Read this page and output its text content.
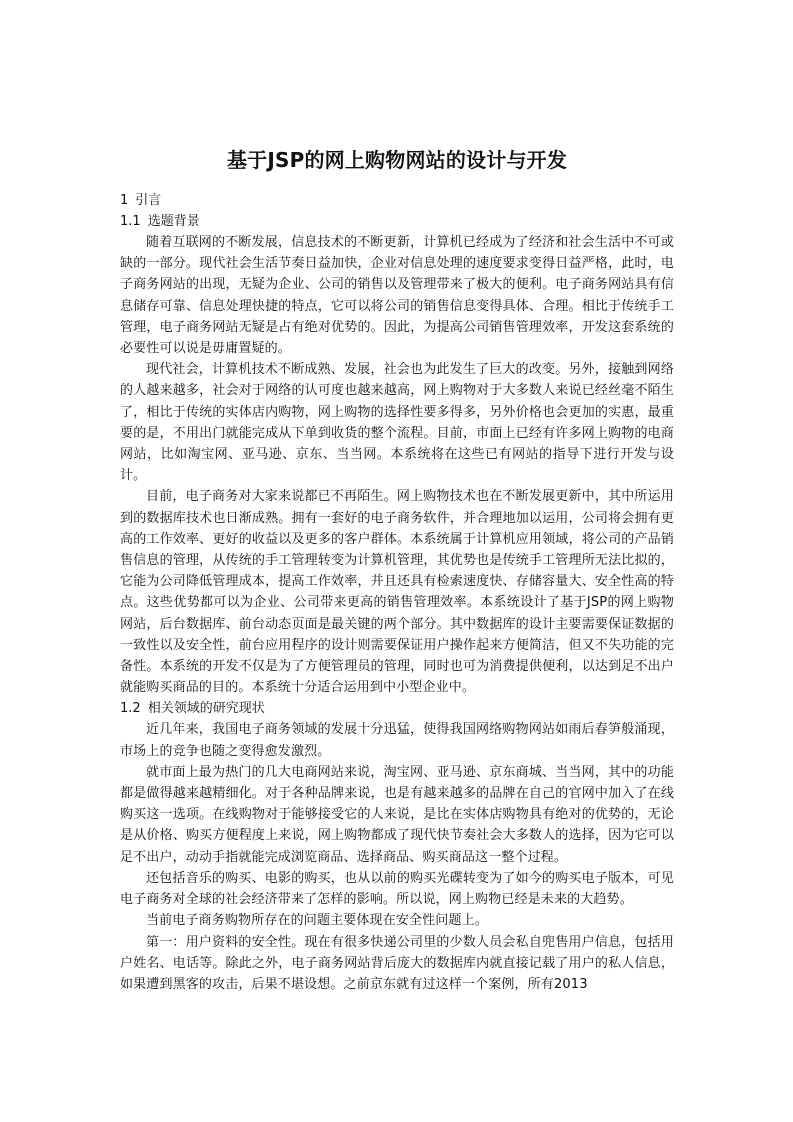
基于JSP的网上购物网站的设计与开发
1 引言
1.1 选题背景

随着互联网的不断发展，信息技术的不断更新，计算机已经成为了经济和社会生活中不可或缺的一部分。现代社会生活节奏日益加快，企业对信息处理的速度要求变得日益严格，此时，电子商务网站的出现，无疑为企业、公司的销售以及管理带来了极大的便利。电子商务网站具有信息储存可靠、信息处理快捷的特点，它可以将公司的销售信息变得具体、合理。相比于传统手工管理，电子商务网站无疑是占有绝对优势的。因此，为提高公司销售管理效率，开发这套系统的必要性可以说是毋庸置疑的。

现代社会，计算机技术不断成熟、发展，社会也为此发生了巨大的改变。另外，接触到网络的人越来越多，社会对于网络的认可度也越来越高，网上购物对于大多数人来说已经丝毫不陌生了，相比于传统的实体店内购物，网上购物的选择性要多得多，另外价格也会更加的实惠，最重要的是，不用出门就能完成从下单到收货的整个流程。目前，市面上已经有许多网上购物的电商网站，比如淘宝网、亚马逊、京东、当当网。本系统将在这些已有网站的指导下进行开发与设计。

目前，电子商务对大家来说都已不再陌生。网上购物技术也在不断发展更新中，其中所运用到的数据库技术也日渐成熟。拥有一套好的电子商务软件，并合理地加以运用，公司将会拥有更高的工作效率、更好的收益以及更多的客户群体。本系统属于计算机应用领域，将公司的产品销售信息的管理，从传统的手工管理转变为计算机管理，其优势也是传统手工管理所无法比拟的，它能为公司降低管理成本，提高工作效率，并且还具有检索速度快、存储容量大、安全性高的特点。这些优势都可以为企业、公司带来更高的销售管理效率。本系统设计了基于JSP的网上购物网站，后台数据库、前台动态页面是最关键的两个部分。其中数据库的设计主要需要保证数据的一致性以及安全性，前台应用程序的设计则需要保证用户操作起来方便简洁，但又不失功能的完备性。本系统的开发不仅是为了方便管理员的管理，同时也可为消费提供便利，以达到足不出户就能购买商品的目的。本系统十分适合运用到中小型企业中。

1.2 相关领域的研究现状

近几年来，我国电子商务领域的发展十分迅猛，使得我国网络购物网站如雨后春笋般涌现，市场上的竞争也随之变得愈发激烈。

就市面上最为热门的几大电商网站来说，淘宝网、亚马逊、京东商城、当当网，其中的功能都是做得越来越精细化。对于各种品牌来说，也是有越来越多的品牌在自己的官网中加入了在线购买这一选项。在线购物对于能够接受它的人来说，是比在实体店购物具有绝对的优势的，无论是从价格、购买方便程度上来说，网上购物都成了现代快节奏社会大多数人的选择，因为它可以足不出户，动动手指就能完成浏览商品、选择商品、购买商品这一整个过程。

还包括音乐的购买、电影的购买，也从以前的购买光碟转变为了如今的购买电子版本，可见电子商务对全球的社会经济带来了怎样的影响。所以说，网上购物已经是未来的大趋势。

当前电子商务购物所存在的问题主要体现在安全性问题上。

第一：用户资料的安全性。现在有很多快递公司里的少数人员会私自兜售用户信息，包括用户姓名、电话等。除此之外，电子商务网站背后庞大的数据库内就直接记载了用户的私人信息，如果遭到黑客的攻击，后果不堪设想。之前京东就有过这样一个案例，所有2013
